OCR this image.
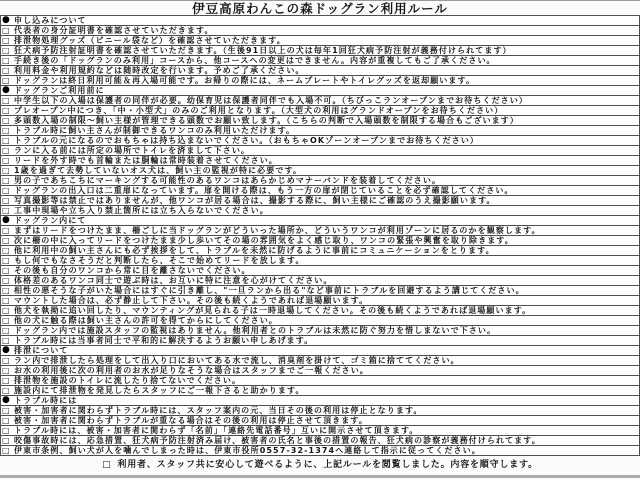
伊豆高原わんこの森ドッグラン利用ルール
● 申し込みについて
□ 代表者の身分証明書を確認させていただきます。
□ 排泄物処理グッズ（ビニール袋など）を確認させていただきます。
□ 狂犬病予防注射証明書を確認させていただきます。（生後91日以上の犬は毎年1回狂犬病予防注射が義務付けられてます）
□ 手続き後の「ドッグランのみ利用」コースから、他コースへの変更はできません。内容が重複してもご了承ください。
□ 利用料金や利用規約などは随時改定を行います。予めご了承ください。
□ ドッグランは終日利用可能＆再入場可能です。お帰りの際には、ネームプレートやトイレグッズを返却願います。
● ドッグランご利用前に
□ 中学生以下の入場は保護者の同伴が必要。幼保育児は保護者同伴でも入場不可。（ちびっこランオープンまでお待ちください）
□ プレオープン中につき、「中・小型犬」のみのご利用となります。（大型犬の利用はグランドオープンをお待ちください）
□ 多頭数入場の制限～飼い主様が管理できる頭数でお願い致します。（こちらの判断で入場頭数を制限する場合もございます）
□ トラブル時に飼い主さんが制御できるワンコのみ利用いただけます。
□ トラブルの元になるのでおもちゃは持ち込まないでください。（おもちゃOKゾーンオープンまでお待ちください）
□ ランに入る前には所定の場所でトイレを済まして下さい。
□ リードを外す時でも首輪または胴輪は常時装着させてください。
□ 1歳を過ぎて去勢していないオス犬は、飼い主の監視が特に必要です。
□ 男の子であちこちにマーキングする可能性のあるワンコはあらかじめマナーバンドを装着してください。
□ ドッグランの出入口は二重扉になっています。扉を開ける際は、もう一方の扉が閉じていることを必ず確認してください。
□ 写真撮影等は禁止ではありませんが、他ワンコが居る場合は、撮影する際に、飼い主様にご確認のうえ撮影願います。
□ 工事中現場や立ち入り禁止箇所には立ち入らないでください。
● ドッグラン内にて
□ まずはリードをつけたまま、柵ごしに当ドッグランがどういった場所か、どういうワンコが利用ゾーンに居るのかを観察します。
□ 次に柵の中に入ってリードをつけたまま少し歩いてその場の雰囲気をよく感じ取り、ワンコの緊張や興奮を取り除きます。
□ 他に利用中の飼い主さんにも必ず挨拶をして、トラブルを未然に防げるように事前にコミュニケーションをとります。
□ もし何でもなさそうだと判断したら、そこで始めてリードを放します。
□ その後も自分のワンコから常に目を離さないでください。
□ 体格差のあるワンコ同士で遊ぶ時は、お互いに特に注意を心がけてください。
□ 相性の悪そうな子がいた場合にはすぐに引き離し、"一旦ランから出る"など事前にトラブルを回避するよう講じてください。
□ マウントした場合は、必ず静止して下さい。その後も続くようであれば退場願います。
□ 他犬を執拗に追い回したり、マウンティングが見られる子は一時退場してください。その後も続くようであれば退場願います。
□ 他の犬に触る際は飼い主さんの許可を得てからにしてください。
□ ドッグラン内では施設スタッフの監視はありません。他利用者とのトラブルは未然に防ぐ努力を惜しまないで下さい。
□ トラブル時には当事者同士で平和的に解決するようお願い申しあげます。
● 排泄について
□ ラン内で排泄したら処理をして出入り口においてある水で流し、消臭剤を掛けて、ゴミ箱に捨ててください。
□ お水の利用後に次の利用者のお水が足りなそうな場合はスタッフまでご一報ください。
□ 排泄物を施設のトイレに流したり捨てないでください。
□ 施設内にて排泄物を発見したらスタッフにご一報下さると助かります。
● トラブル時には
□ 被害・加害者に関わらずトラブル時には、スタッフ案内の元、当日その後の利用は停止となります。
□ 被害・加害者に関わらずトラブルが重なる場合はその後の利用は停止させて頂きます。
□ トラブル時には、被害・加害者に関わらず「名前」「連絡先電話番号」互いに開示させて頂きます。
□ 咬傷事故時には、応急措置、狂犬病予防注射済み届け、被害者の氏名と事後の措置の報告、狂犬病の診察が義務付けられてます。
□ 伊東市条例、飼い犬が人を噛んでしまった時は、伊東市役所0557-32-1374へ連絡して指示に従ってください。
□ 利用者、スタッフ共に安心して遊べるように、上記ルールを閲覧しました。内容を順守します。
